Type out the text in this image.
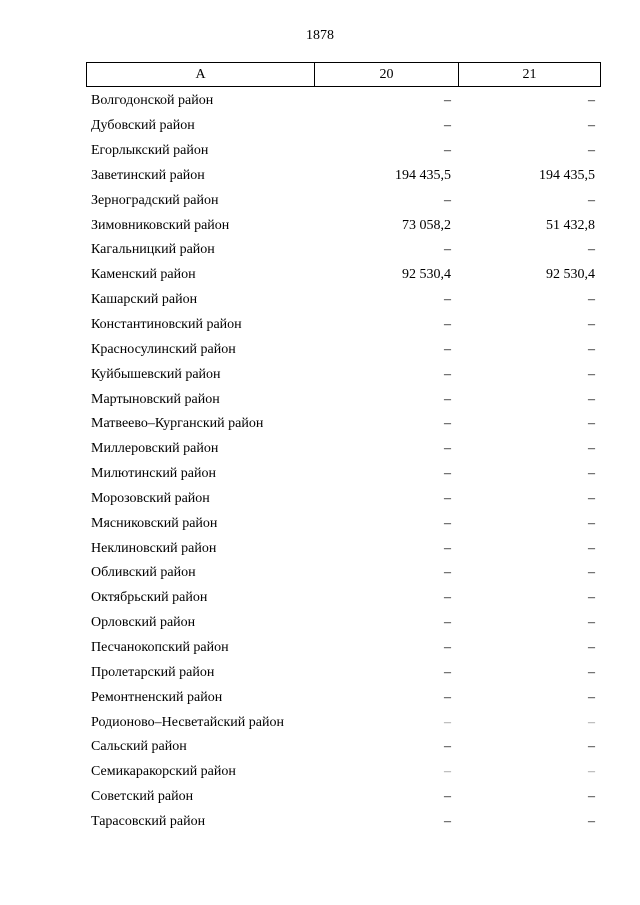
1878
А	20	21
Волгодонской район	–	–
Дубовский район	–	–
Егорлыкский район	–	–
Заветинский район	194 435,5	194 435,5
Зерноградский район	–	–
Зимовниковский район	73 058,2	51 432,8
Кагальницкий район	–	–
Каменский район	92 530,4	92 530,4
Кашарский район	–	–
Константиновский район	–	–
Красносулинский район	–	–
Куйбышевский район	–	–
Мартыновский район	–	–
Матвеево–Курганский район	–	–
Миллеровский район	–	–
Милютинский район	–	–
Морозовский район	–	–
Мясниковский район	–	–
Неклиновский район	–	–
Обливский район	–	–
Октябрьский район	–	–
Орловский район	–	–
Песчанокопский район	–	–
Пролетарский район	–	–
Ремонтненский район	–	–
Родионово–Несветайский район	–	–
Сальский район	–	–
Семикаракорский район	–	–
Советский район	–	–
Тарасовский район	–	–
